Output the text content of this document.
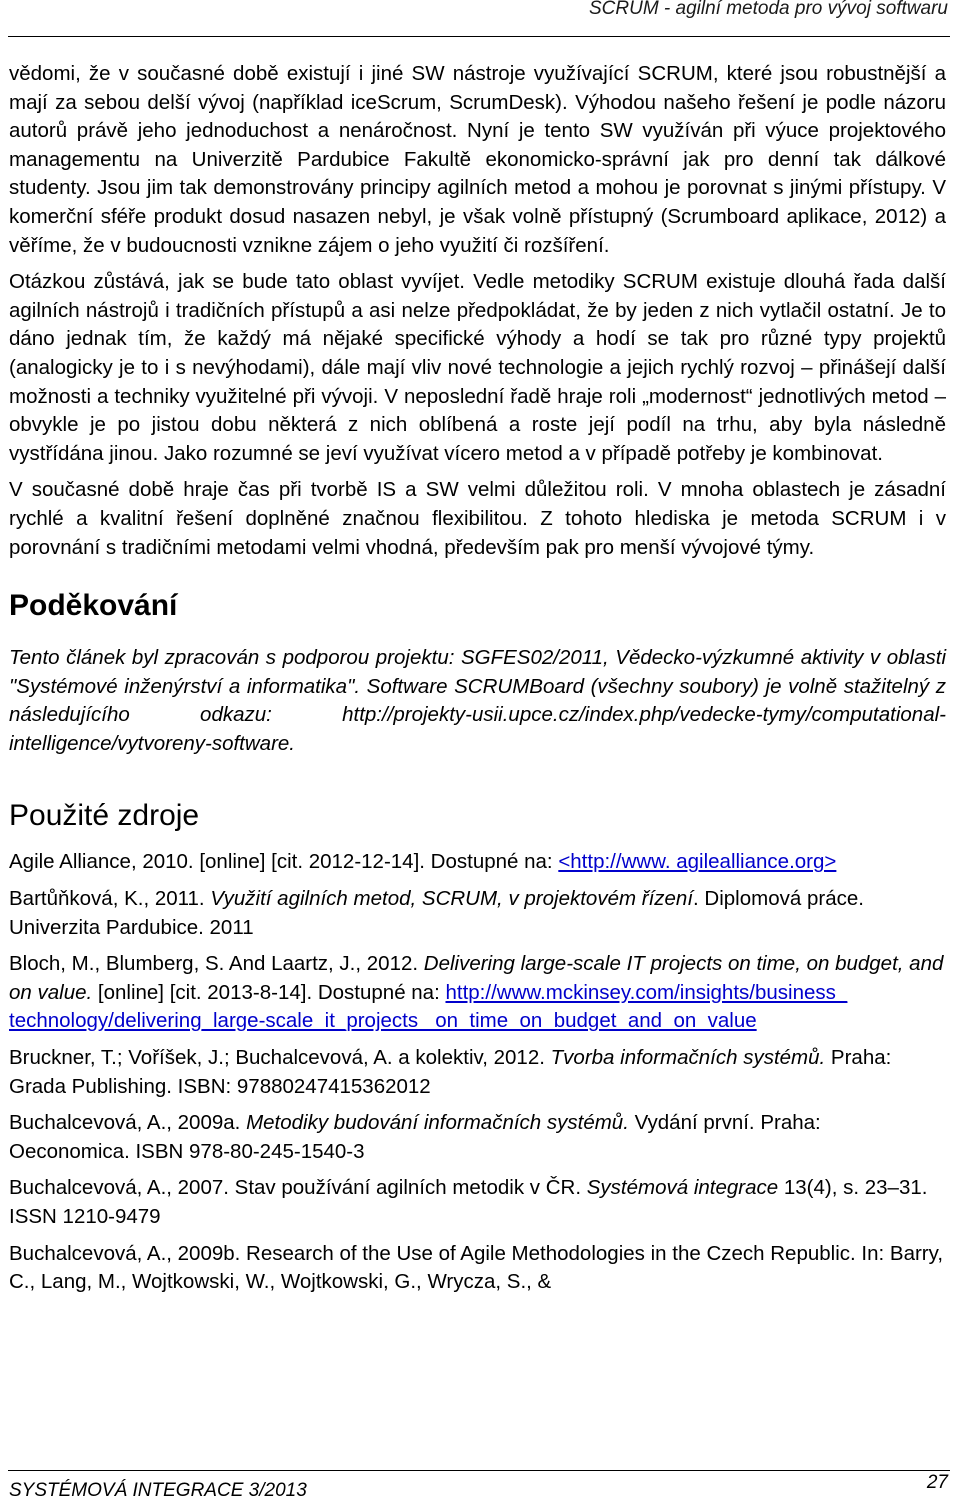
SCRUM - agilní metoda pro vývoj softwaru

vědomi, že v současné době existují i jiné SW nástroje využívající SCRUM, které jsou robustnější a mají za sebou delší vývoj (například iceScrum, ScrumDesk). Výhodou našeho řešení je podle názoru autorů právě jeho jednoduchost a nenáročnost. Nyní je tento SW využíván při výuce projektového managementu na Univerzitě Pardubice Fakultě ekonomicko-správní jak pro denní tak dálkové studenty. Jsou jim tak demonstrovány principy agilních metod a mohou je porovnat s jinými přístupy. V komerční sféře produkt dosud nasazen nebyl, je však volně přístupný (Scrumboard aplikace, 2012) a věříme, že v budoucnosti vznikne zájem o jeho využití či rozšíření.

Otázkou zůstává, jak se bude tato oblast vyvíjet. Vedle metodiky SCRUM existuje dlouhá řada další agilních nástrojů i tradičních přístupů a asi nelze předpokládat, že by jeden z nich vytlačil ostatní. Je to dáno jednak tím, že každý má nějaké specifické výhody a hodí se tak pro různé typy projektů (analogicky je to i s nevýhodami), dále mají vliv nové technologie a jejich rychlý rozvoj – přinášejí další možnosti a techniky využitelné při vývoji. V neposlední řadě hraje roli „modernost“ jednotlivých metod – obvykle je po jistou dobu některá z nich oblíbená a roste její podíl na trhu, aby byla následně vystřídána jinou. Jako rozumné se jeví využívat vícero metod a v případě potřeby je kombinovat.

V současné době hraje čas při tvorbě IS a SW velmi důležitou roli. V mnoha oblastech je zásadní rychlé a kvalitní řešení doplněné značnou flexibilitou. Z tohoto hlediska je metoda SCRUM i v porovnání s tradičními metodami velmi vhodná, především pak pro menší vývojové týmy.

Poděkování

Tento článek byl zpracován s podporou projektu: SGFES02/2011, Vědecko-výzkumné aktivity v oblasti "Systémové inženýrství a informatika". Software SCRUMBoard (všechny soubory) je volně stažitelný z následujícího odkazu: http://projekty-usii.upce.cz/index.php/vedecke-tymy/computational-intelligence/vytvoreny-software.

Použité zdroje

Agile Alliance, 2010. [online] [cit. 2012-12-14]. Dostupné na: <http://www. agilealliance.org>

Bartůňková, K., 2011. Využití agilních metod, SCRUM, v projektovém řízení. Diplomová práce. Univerzita Pardubice. 2011

Bloch, M., Blumberg, S. And Laartz, J., 2012. Delivering large-scale IT projects on time, on budget, and on value. [online] [cit. 2013-8-14]. Dostupné na: http://www.mckinsey.com/insights/business_ technology/delivering_large-scale_it_projects_ on_time_on_budget_and_on_value

Bruckner, T.; Voříšek, J.; Buchalcevová, A. a kolektiv, 2012. Tvorba informačních systémů. Praha: Grada Publishing. ISBN: 97880247415362012

Buchalcevová, A., 2009a. Metodiky budování informačních systémů. Vydání první. Praha: Oeconomica. ISBN 978-80-245-1540-3

Buchalcevová, A., 2007. Stav používání agilních metodik v ČR. Systémová integrace 13(4), s. 23–31. ISSN 1210-9479

Buchalcevová, A., 2009b. Research of the Use of Agile Methodologies in the Czech Republic. In: Barry, C., Lang, M., Wojtkowski, W., Wojtkowski, G., Wrycza, S., &

SYSTÉMOVÁ INTEGRACE 3/2013	27
